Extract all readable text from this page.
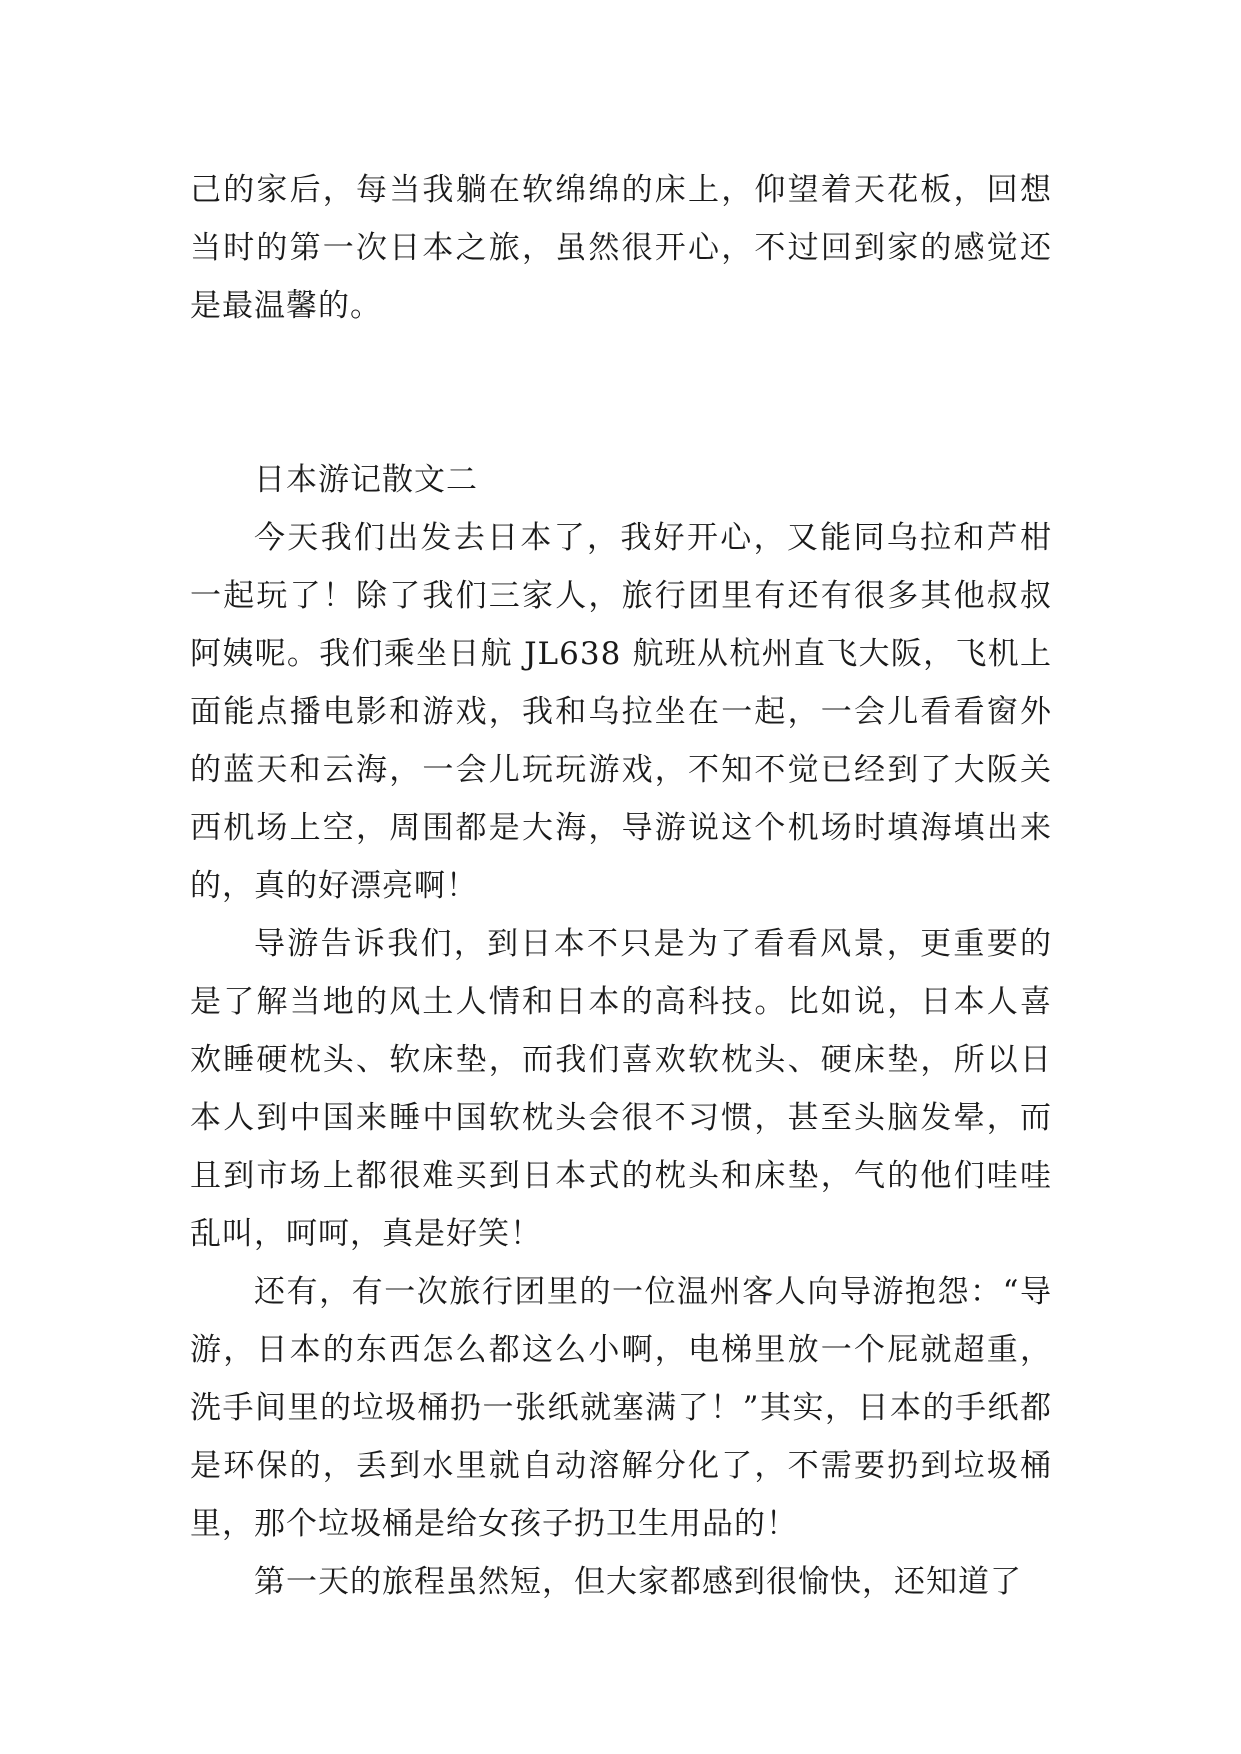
己的家后，每当我躺在软绵绵的床上，仰望着天花板，回想当时的第一次日本之旅，虽然很开心，不过回到家的感觉还是最温馨的。

日本游记散文二

今天我们出发去日本了，我好开心，又能同乌拉和芦柑一起玩了！除了我们三家人，旅行团里有还有很多其他叔叔阿姨呢。我们乘坐日航 JL638 航班从杭州直飞大阪，飞机上面能点播电影和游戏，我和乌拉坐在一起，一会儿看看窗外的蓝天和云海，一会儿玩玩游戏，不知不觉已经到了大阪关西机场上空，周围都是大海，导游说这个机场时填海填出来的，真的好漂亮啊！

导游告诉我们，到日本不只是为了看看风景，更重要的是了解当地的风土人情和日本的高科技。比如说，日本人喜欢睡硬枕头、软床垫，而我们喜欢软枕头、硬床垫，所以日本人到中国来睡中国软枕头会很不习惯，甚至头脑发晕，而且到市场上都很难买到日本式的枕头和床垫，气的他们哇哇乱叫，呵呵，真是好笑！

还有，有一次旅行团里的一位温州客人向导游抱怨：“导游，日本的东西怎么都这么小啊，电梯里放一个屁就超重，洗手间里的垃圾桶扔一张纸就塞满了！”其实，日本的手纸都是环保的，丢到水里就自动溶解分化了，不需要扔到垃圾桶里，那个垃圾桶是给女孩子扔卫生用品的！

第一天的旅程虽然短，但大家都感到很愉快，还知道了
